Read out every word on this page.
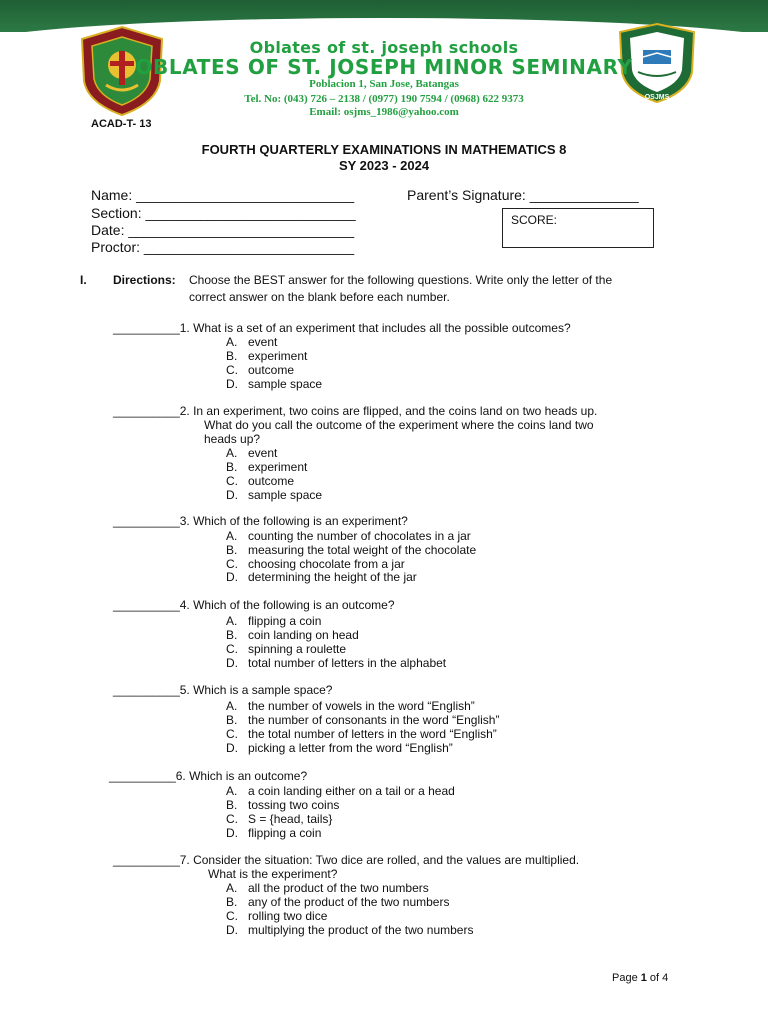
OSJMS
Oblates of st. joseph schools
OBLATES OF ST. JOSEPH MINOR SEMINARY
Poblacion 1, San Jose, Batangas
Tel. No: (043) 726 – 2138 / (0977) 190 7594 / (0968) 622 9373
Email: osjms_1986@yahoo.com
ACAD-T- 13
FOURTH QUARTERLY EXAMINATIONS IN MATHEMATICS 8
SY 2023 - 2024
Name: ____________________________
Section: ___________________________
Date: _____________________________
Proctor: ___________________________
Parent’s Signature: ______________
SCORE:
I. Directions: Choose the BEST answer for the following questions. Write only the letter of the
correct answer on the blank before each number.
__________1. What is a set of an experiment that includes all the possible outcomes?
A. event
B. experiment
C. outcome
D. sample space
__________2. In an experiment, two coins are flipped, and the coins land on two heads up.
What do you call the outcome of the experiment where the coins land two
heads up?
A. event
B. experiment
C. outcome
D. sample space
__________3. Which of the following is an experiment?
A. counting the number of chocolates in a jar
B. measuring the total weight of the chocolate
C. choosing chocolate from a jar
D. determining the height of the jar
__________4. Which of the following is an outcome?
A. flipping a coin
B. coin landing on head
C. spinning a roulette
D. total number of letters in the alphabet
__________5. Which is a sample space?
A. the number of vowels in the word “English”
B. the number of consonants in the word “English”
C. the total number of letters in the word “English”
D. picking a letter from the word “English”
__________6. Which is an outcome?
A. a coin landing either on a tail or a head
B. tossing two coins
C. S = {head, tails}
D. flipping a coin
__________7. Consider the situation: Two dice are rolled, and the values are multiplied.
What is the experiment?
A. all the product of the two numbers
B. any of the product of the two numbers
C. rolling two dice
D. multiplying the product of the two numbers
Page 1 of 4
